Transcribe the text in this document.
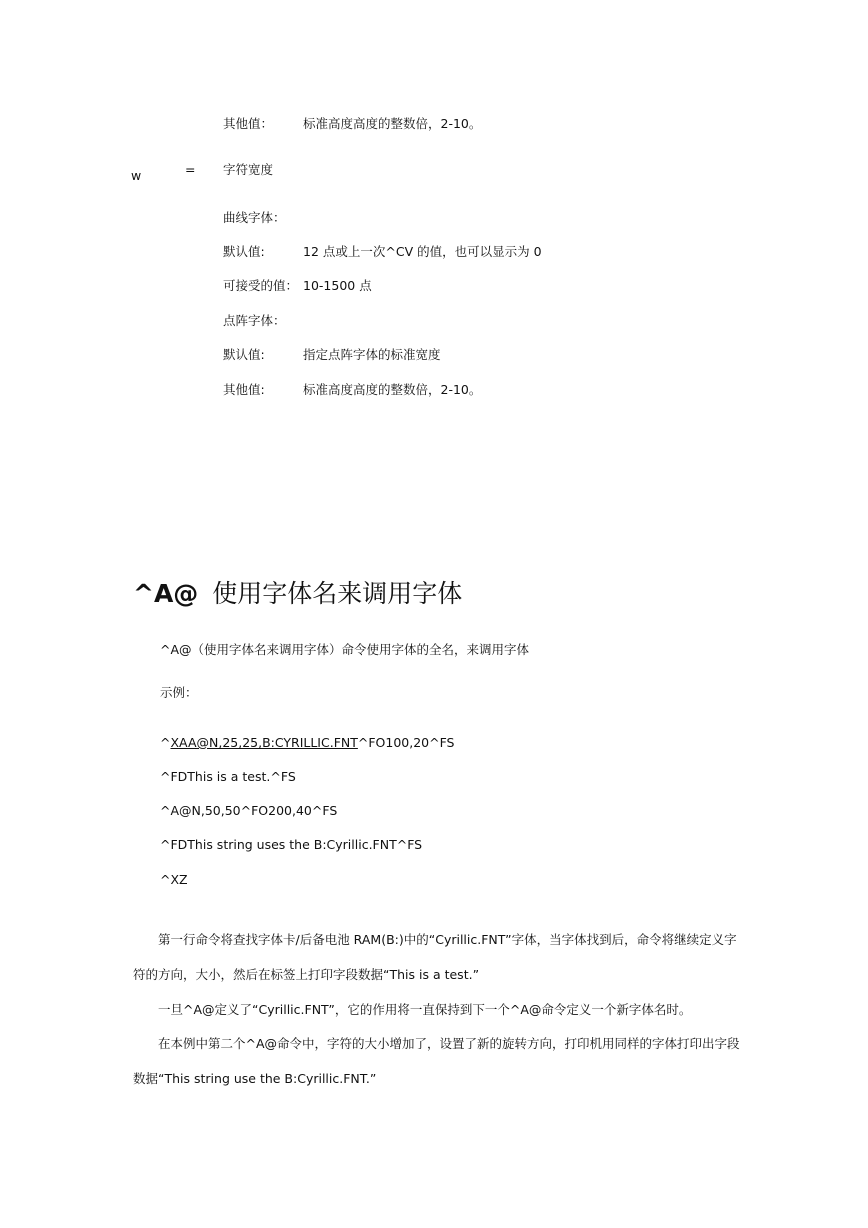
其他值： 标准高度高度的整数倍，2-10。
w	= 字符宽度
曲线字体：
默认值:	12 点或上一次^CV 的值，也可以显示为 0
可接受的值： 10-1500 点
点阵字体：
默认值:	指定点阵字体的标准宽度
其他值:	标准高度高度的整数倍，2-10。
^A@ 使用字体名来调用字体
^A@（使用字体名来调用字体）命令使用字体的全名，来调用字体
示例：
^XAA@N,25,25,B:CYRILLIC.FNT^FO100,20^FS
^FDThis is a test.^FS
^A@N,50,50^FO200,40^FS
^FDThis string uses the B:Cyrillic.FNT^FS
^XZ
第一行命令将查找字体卡/后备电池 RAM(B:)中的“Cyrillic.FNT”字体，当字体找到后，命令将继续定义字符的方向，大小，然后在标签上打印字段数据“This is a test.”
一旦^A@定义了“Cyrillic.FNT”，它的作用将一直保持到下一个^A@命令定义一个新字体名时。
在本例中第二个^A@命令中，字符的大小增加了，设置了新的旋转方向，打印机用同样的字体打印出字段数据“This string use the B:Cyrillic.FNT.”
